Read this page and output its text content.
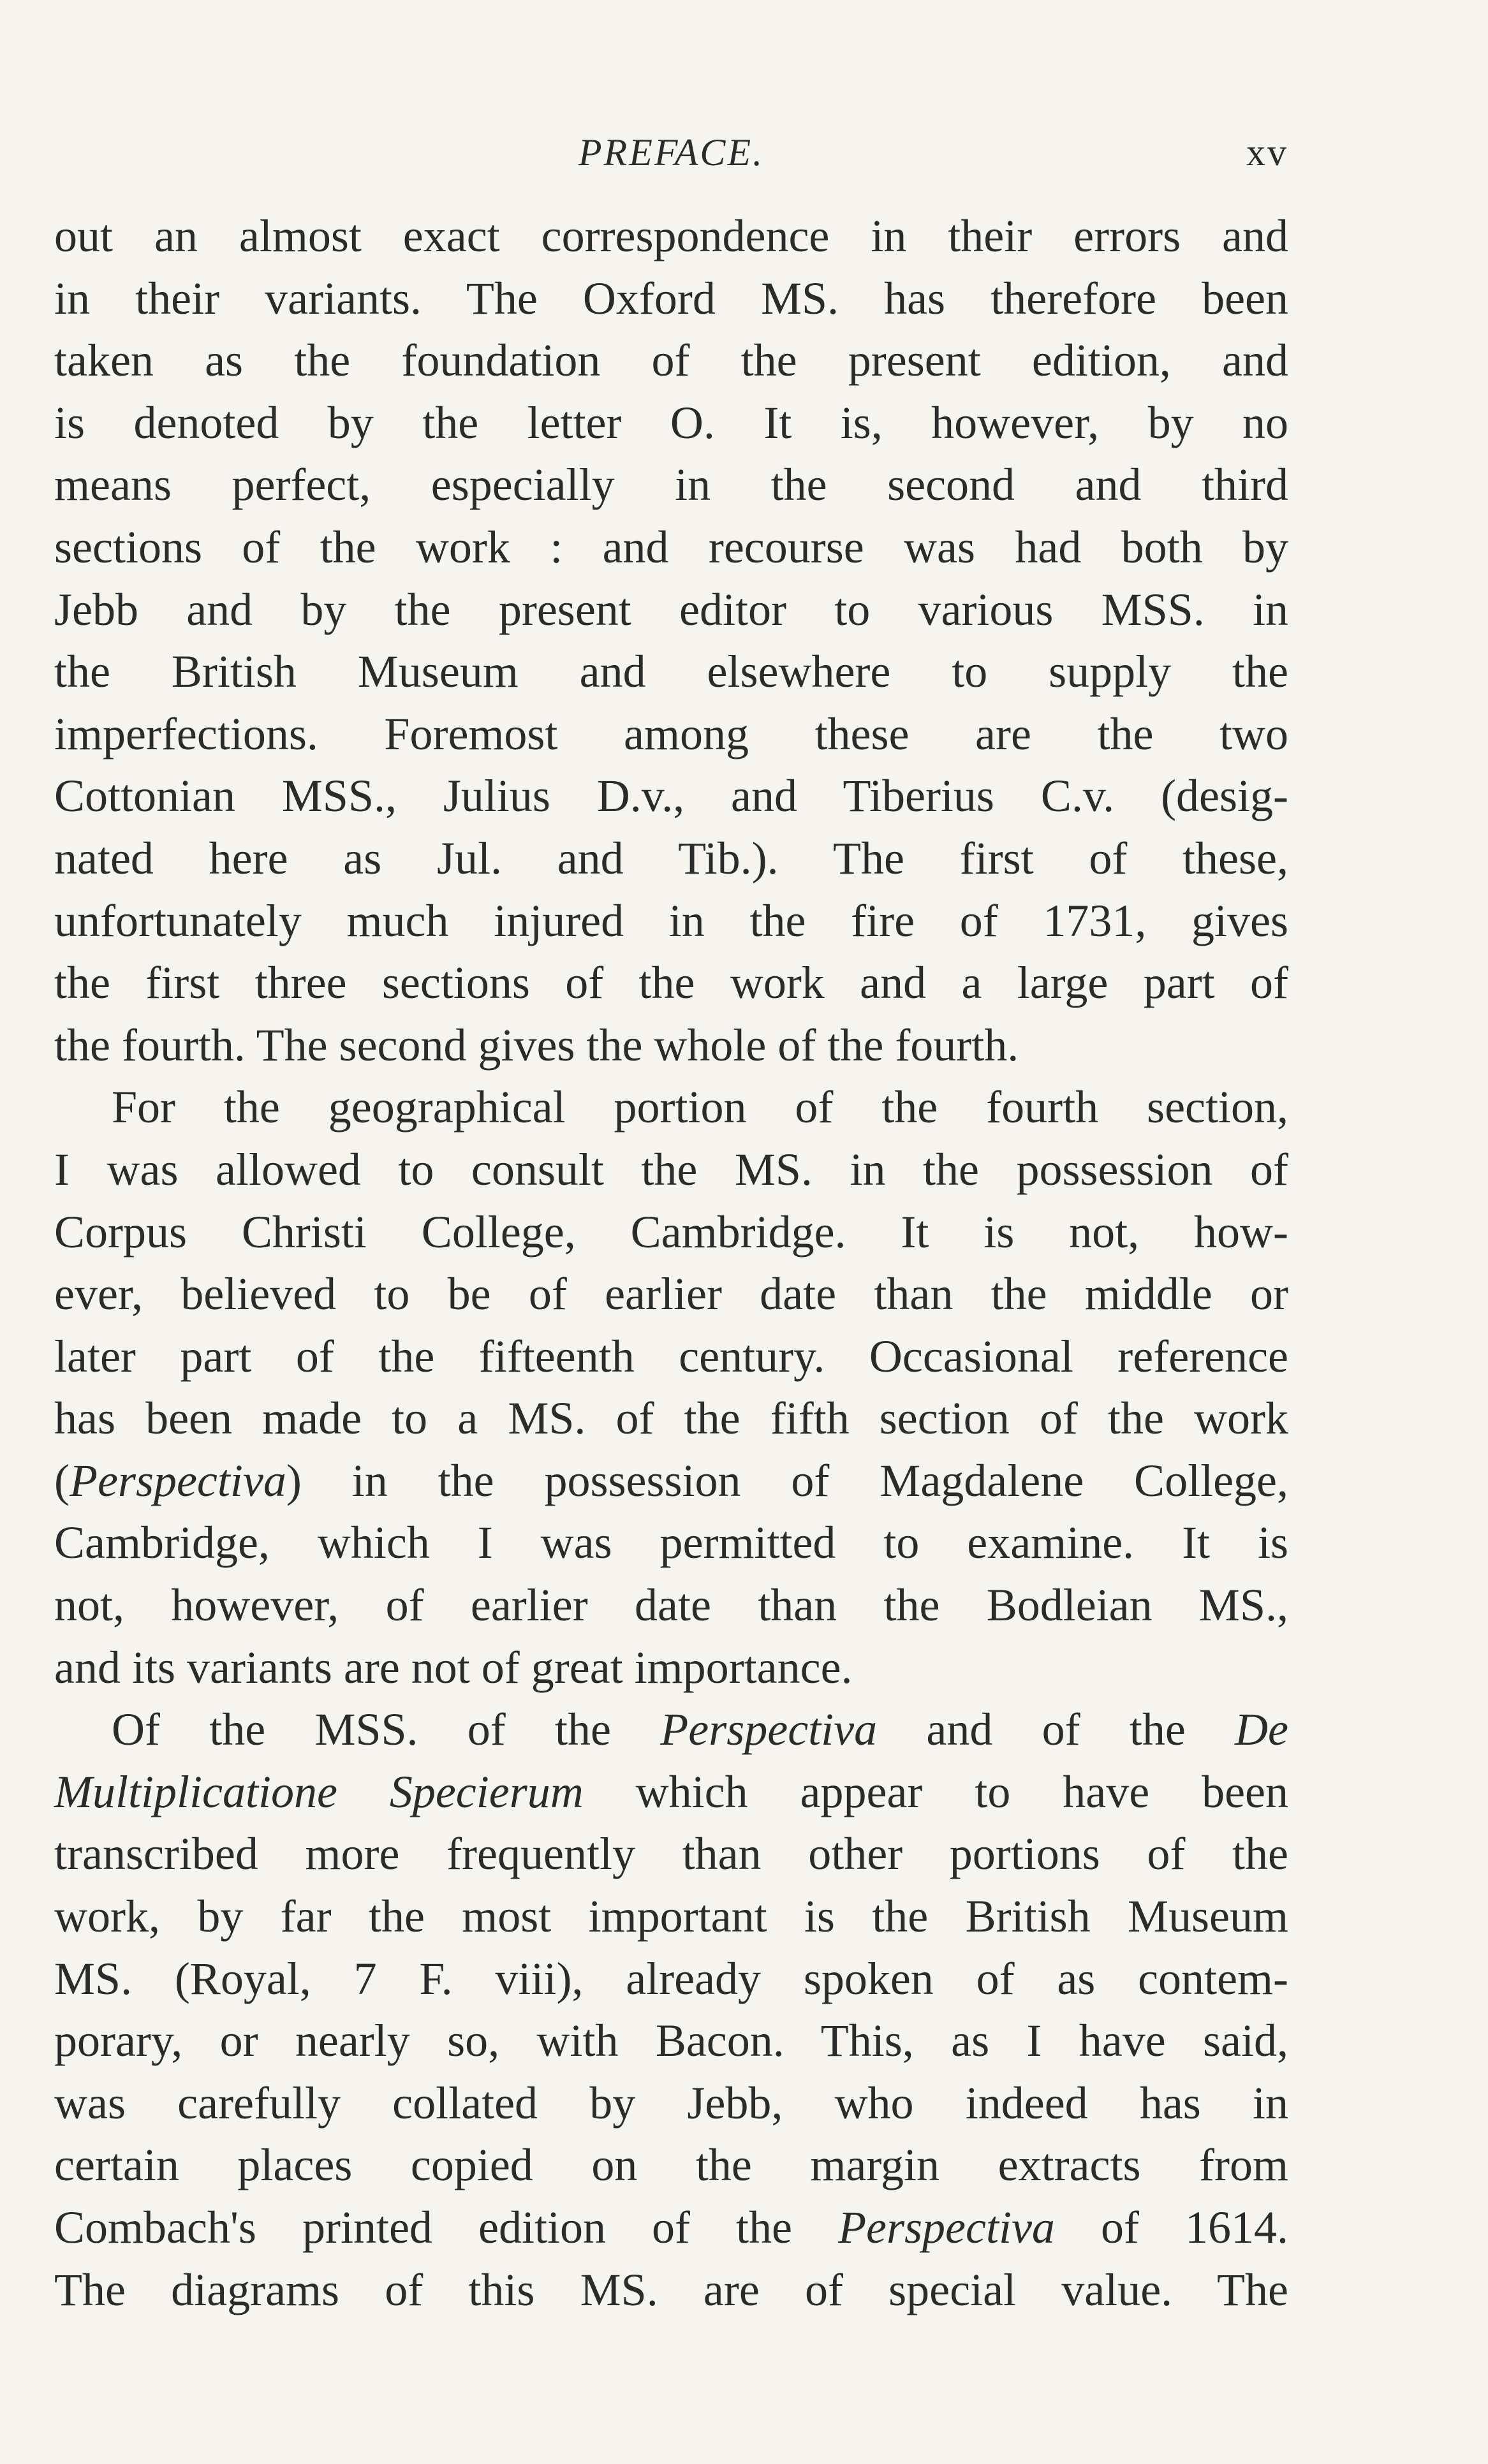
PREFACE.	xv
out an almost exact correspondence in their errors and
in their variants. The Oxford MS. has therefore been
taken as the foundation of the present edition, and
is denoted by the letter O. It is, however, by no
means perfect, especially in the second and third
sections of the work : and recourse was had both by
Jebb and by the present editor to various MSS. in
the British Museum and elsewhere to supply the
imperfections. Foremost among these are the two
Cottonian MSS., Julius D.v., and Tiberius C.v. (desig-
nated here as Jul. and Tib.). The first of these,
unfortunately much injured in the fire of 1731, gives
the first three sections of the work and a large part of
the fourth. The second gives the whole of the fourth.
For the geographical portion of the fourth section,
I was allowed to consult the MS. in the possession of
Corpus Christi College, Cambridge. It is not, how-
ever, believed to be of earlier date than the middle or
later part of the fifteenth century. Occasional reference
has been made to a MS. of the fifth section of the work
(Perspectiva) in the possession of Magdalene College,
Cambridge, which I was permitted to examine. It is
not, however, of earlier date than the Bodleian MS.,
and its variants are not of great importance.
Of the MSS. of the Perspectiva and of the De
Multiplicatione Specierum which appear to have been
transcribed more frequently than other portions of the
work, by far the most important is the British Museum
MS. (Royal, 7 F. viii), already spoken of as contem-
porary, or nearly so, with Bacon. This, as I have said,
was carefully collated by Jebb, who indeed has in
certain places copied on the margin extracts from
Combach's printed edition of the Perspectiva of 1614.
The diagrams of this MS. are of special value. The
